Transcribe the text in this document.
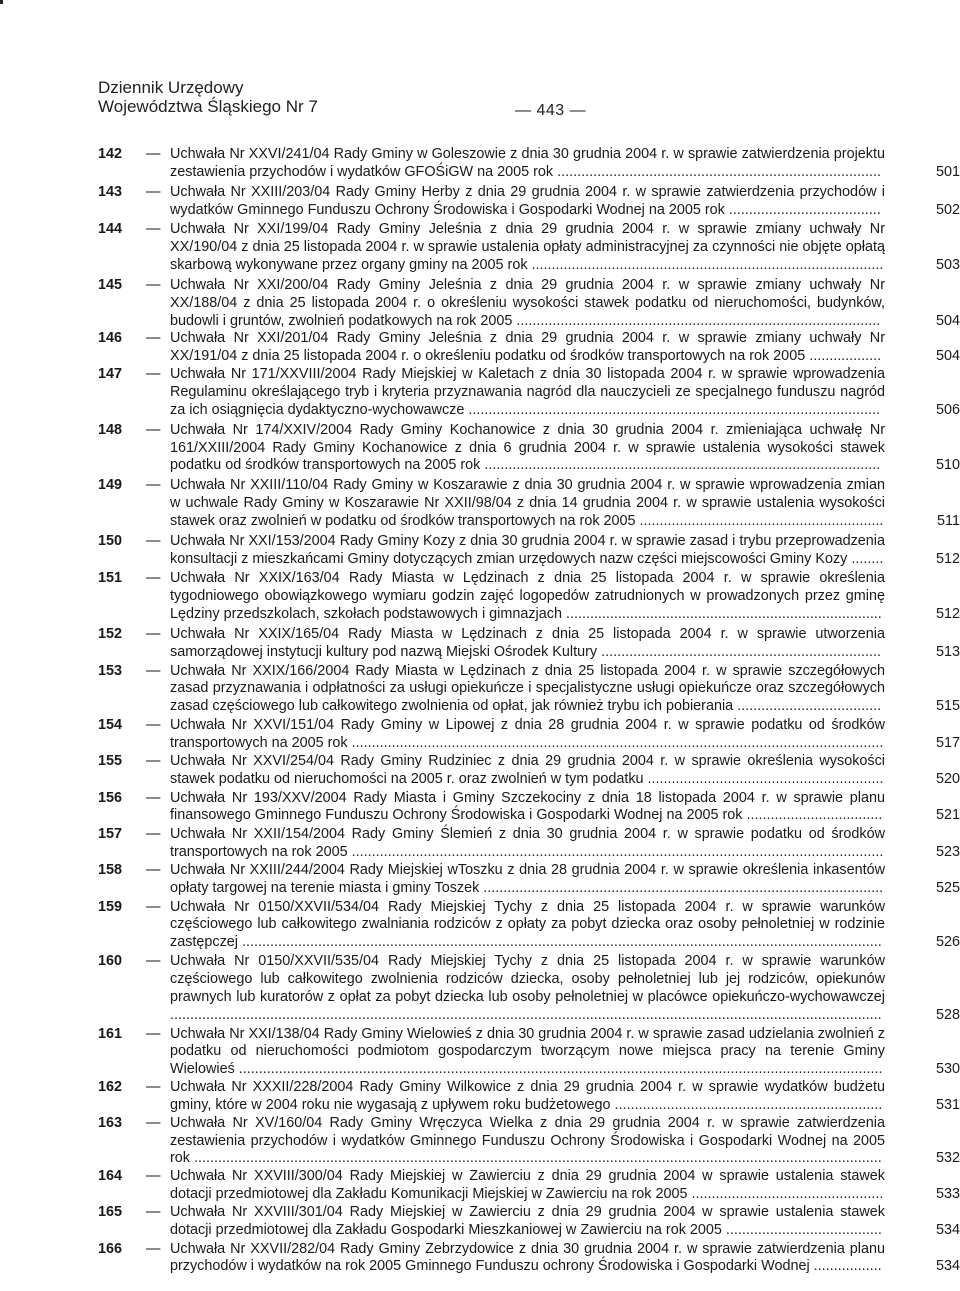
Dziennik Urzędowy
Województwa Śląskiego Nr 7	— 443 —
142 — Uchwała Nr XXVI/241/04 Rady Gminy w Goleszowie z dnia 30 grudnia 2004 r. w sprawie zatwierdzenia projektu zestawienia przychodów i wydatków GFOŚiGW na 2005 rok .................................................................................	501
143 — Uchwała Nr XXIII/203/04 Rady Gminy Herby z dnia 29 grudnia 2004 r. w sprawie zatwierdzenia przychodów i wydatków Gminnego Funduszu Ochrony Środowiska i Gospodarki Wodnej na 2005 rok ......................................	502
144 — Uchwała Nr XXI/199/04 Rady Gminy Jeleśnia z dnia 29 grudnia 2004 r. w sprawie zmiany uchwały Nr XX/190/04 z dnia 25 listopada 2004 r. w sprawie ustalenia opłaty administracyjnej za czynności nie objęte opłatą skarbową wykonywane przez organy gminy na 2005 rok ........................................................................................	503
145 — Uchwała Nr XXI/200/04 Rady Gminy Jeleśnia z dnia 29 grudnia 2004 r. w sprawie zmiany uchwały Nr XX/188/04 z dnia 25 listopada 2004 r. o określeniu wysokości stawek podatku od nieruchomości, budynków, budowli i gruntów, zwolnień podatkowych na rok 2005 ...........................................................................................	504
146 — Uchwała Nr XXI/201/04 Rady Gminy Jeleśnia z dnia 29 grudnia 2004 r. w sprawie zmiany uchwały Nr XX/191/04 z dnia 25 listopada 2004 r. o określeniu podatku od środków transportowych na rok 2005 ..................	504
147 — Uchwała Nr 171/XXVIII/2004 Rady Miejskiej w Kaletach z dnia 30 listopada 2004 r. w sprawie wprowadzenia Regulaminu określającego tryb i kryteria przyznawania nagród dla nauczycieli ze specjalnego funduszu nagród za ich osiągnięcia dydaktyczno-wychowawcze .......................................................................................................	506
148 — Uchwała Nr 174/XXIV/2004 Rady Gminy Kochanowice z dnia 30 grudnia 2004 r. zmieniająca uchwałę Nr 161/XXIII/2004 Rady Gminy Kochanowice z dnia 6 grudnia 2004 r. w sprawie ustalenia wysokości stawek podatku od środków transportowych na 2005 rok ...................................................................................................	510
149 — Uchwała Nr XXIII/110/04 Rady Gminy w Koszarawie z dnia 30 grudnia 2004 r. w sprawie wprowadzenia zmian w uchwale Rady Gminy w Koszarawie Nr XXII/98/04 z dnia 14 grudnia 2004 r. w sprawie ustalenia wysokości stawek oraz zwolnień w podatku od środków transportowych na rok 2005 .............................................................	511
150 — Uchwała Nr XXI/153/2004 Rady Gminy Kozy z dnia 30 grudnia 2004 r. w sprawie zasad i trybu przeprowadzenia konsultacji z mieszkańcami Gminy dotyczących zmian urzędowych nazw części miejscowości Gminy Kozy ........	512
151 — Uchwała Nr XXIX/163/04 Rady Miasta w Lędzinach z dnia 25 listopada 2004 r. w sprawie określenia tygodniowego obowiązkowego wymiaru godzin zajęć logopedów zatrudnionych w prowadzonych przez gminę Lędziny przedszkolach, szkołach podstawowych i gimnazjach ...............................................................................	512
152 — Uchwała Nr XXIX/165/04 Rady Miasta w Lędzinach z dnia 25 listopada 2004 r. w sprawie utworzenia samorządowej instytucji kultury pod nazwą Miejski Ośrodek Kultury ......................................................................	513
153 — Uchwała Nr XXIX/166/2004 Rady Miasta w Lędzinach z dnia 25 listopada 2004 r. w sprawie szczegółowych zasad przyznawania i odpłatności za usługi opiekuńcze i specjalistyczne usługi opiekuńcze oraz szczegółowych zasad częściowego lub całkowitego zwolnienia od opłat, jak również trybu ich pobierania ....................................	515
154 — Uchwała Nr XXVI/151/04 Rady Gminy w Lipowej z dnia 28 grudnia 2004 r. w sprawie podatku od środków transportowych na 2005 rok .....................................................................................................................................	517
155 — Uchwała Nr XXVI/254/04 Rady Gminy Rudziniec z dnia 29 grudnia 2004 r. w sprawie określenia wysokości stawek podatku od nieruchomości na 2005 r. oraz zwolnień w tym podatku ...........................................................	520
156 — Uchwała Nr 193/XXV/2004 Rady Miasta i Gminy Szczekociny z dnia 18 listopada 2004 r. w sprawie planu finansowego Gminnego Funduszu Ochrony Środowiska i Gospodarki Wodnej na 2005 rok ..................................	521
157 — Uchwała Nr XXII/154/2004 Rady Gminy Ślemień z dnia 30 grudnia 2004 r. w sprawie podatku od środków transportowych na rok 2005 .....................................................................................................................................	523
158 — Uchwała Nr XXIII/244/2004 Rady Miejskiej wToszku z dnia 28 grudnia 2004 r. w sprawie określenia inkasentów opłaty targowej na terenie miasta i gminy Toszek ....................................................................................................	525
159 — Uchwała Nr 0150/XXVII/534/04 Rady Miejskiej Tychy z dnia 25 listopada 2004 r. w sprawie warunków częściowego lub całkowitego zwalniania rodziców z opłaty za pobyt dziecka oraz osoby pełnoletniej w rodzinie zastępczej ................................................................................................................................................................	526
160 — Uchwała Nr 0150/XXVII/535/04 Rady Miejskiej Tychy z dnia 25 listopada 2004 r. w sprawie warunków częściowego lub całkowitego zwolnienia rodziców dziecka, osoby pełnoletniej lub jej rodziców, opiekunów prawnych lub kuratorów z opłat za pobyt dziecka lub osoby pełnoletniej w placówce opiekuńczo-wychowawczej ..................................................................................................................................................................................	528
161 — Uchwała Nr XXI/138/04 Rady Gminy Wielowieś z dnia 30 grudnia 2004 r. w sprawie zasad udzielania zwolnień z podatku od nieruchomości podmiotom gospodarczym tworzącym nowe miejsca pracy na terenie Gminy Wielowieś .................................................................................................................................................................	530
162 — Uchwała Nr XXXII/228/2004 Rady Gminy Wilkowice z dnia 29 grudnia 2004 r. w sprawie wydatków budżetu gminy, które w 2004 roku nie wygasają z upływem roku budżetowego ...................................................................	531
163 — Uchwała Nr XV/160/04 Rady Gminy Wręczyca Wielka z dnia 29 grudnia 2004 r. w sprawie zatwierdzenia zestawienia przychodów i wydatków Gminnego Funduszu Ochrony Środowiska i Gospodarki Wodnej na 2005 rok ............................................................................................................................................................................	532
164 — Uchwała Nr XXVIII/300/04 Rady Miejskiej w Zawierciu z dnia 29 grudnia 2004 w sprawie ustalenia stawek dotacji przedmiotowej dla Zakładu Komunikacji Miejskiej w Zawierciu na rok 2005 ................................................	533
165 — Uchwała Nr XXVIII/301/04 Rady Miejskiej w Zawierciu z dnia 29 grudnia 2004 w sprawie ustalenia stawek dotacji przedmiotowej dla Zakładu Gospodarki Mieszkaniowej w Zawierciu na rok 2005 .......................................	534
166 — Uchwała Nr XXVII/282/04 Rady Gminy Zebrzydowice z dnia 30 grudnia 2004 r. w sprawie zatwierdzenia planu przychodów i wydatków na rok 2005 Gminnego Funduszu ochrony Środowiska i Gospodarki Wodnej .................	534
